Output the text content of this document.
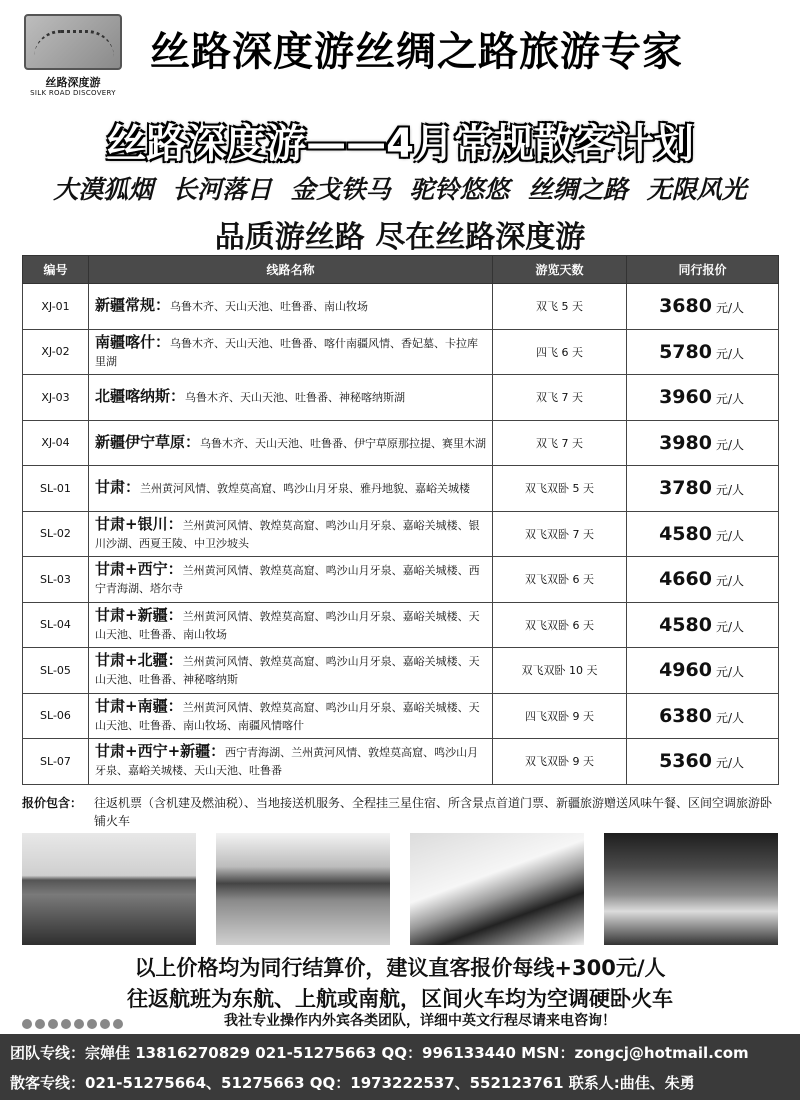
丝路深度游
SILK ROAD DISCOVERY
丝路深度游丝绸之路旅游专家
丝路深度游——4月常规散客计划
大漠狐烟 长河落日 金戈铁马 驼铃悠悠 丝绸之路 无限风光
品质游丝路 尽在丝路深度游
编号	线路名称	游览天数	同行报价
XJ-01	新疆常规：乌鲁木齐、天山天池、吐鲁番、南山牧场	双飞 5 天	3680 元/人
XJ-02	南疆喀什：乌鲁木齐、天山天池、吐鲁番、喀什南疆风情、香妃墓、卡拉库里湖	四飞 6 天	5780 元/人
XJ-03	北疆喀纳斯：乌鲁木齐、天山天池、吐鲁番、神秘喀纳斯湖	双飞 7 天	3960 元/人
XJ-04	新疆伊宁草原：乌鲁木齐、天山天池、吐鲁番、伊宁草原那拉提、赛里木湖	双飞 7 天	3980 元/人
SL-01	甘肃：兰州黄河风情、敦煌莫高窟、鸣沙山月牙泉、雅丹地貌、嘉峪关城楼	双飞双卧 5 天	3780 元/人
SL-02	甘肃+银川：兰州黄河风情、敦煌莫高窟、鸣沙山月牙泉、嘉峪关城楼、银川沙湖、西夏王陵、中卫沙坡头	双飞双卧 7 天	4580 元/人
SL-03	甘肃+西宁：兰州黄河风情、敦煌莫高窟、鸣沙山月牙泉、嘉峪关城楼、西宁青海湖、塔尔寺	双飞双卧 6 天	4660 元/人
SL-04	甘肃+新疆：兰州黄河风情、敦煌莫高窟、鸣沙山月牙泉、嘉峪关城楼、天山天池、吐鲁番、南山牧场	双飞双卧 6 天	4580 元/人
SL-05	甘肃+北疆：兰州黄河风情、敦煌莫高窟、鸣沙山月牙泉、嘉峪关城楼、天山天池、吐鲁番、神秘喀纳斯	双飞双卧 10 天	4960 元/人
SL-06	甘肃+南疆：兰州黄河风情、敦煌莫高窟、鸣沙山月牙泉、嘉峪关城楼、天山天池、吐鲁番、南山牧场、南疆风情喀什	四飞双卧 9 天	6380 元/人
SL-07	甘肃+西宁+新疆：西宁青海湖、兰州黄河风情、敦煌莫高窟、鸣沙山月牙泉、嘉峪关城楼、天山天池、吐鲁番	双飞双卧 9 天	5360 元/人
报价包含： 往返机票（含机建及燃油税）、当地接送机服务、全程挂三星住宿、所含景点首道门票、新疆旅游赠送风味午餐、区间空调旅游卧铺火车
以上价格均为同行结算价，建议直客报价每线+300元/人
往返航班为东航、上航或南航，区间火车均为空调硬卧火车
我社专业操作内外宾各类团队，详细中英文行程尽请来电咨询！
团队专线：宗婵佳 13816270829 021-51275663 QQ：996133440 MSN：zongcj@hotmail.com
散客专线：021-51275664、51275663 QQ：1973222537、552123761 联系人:曲佳、朱勇
